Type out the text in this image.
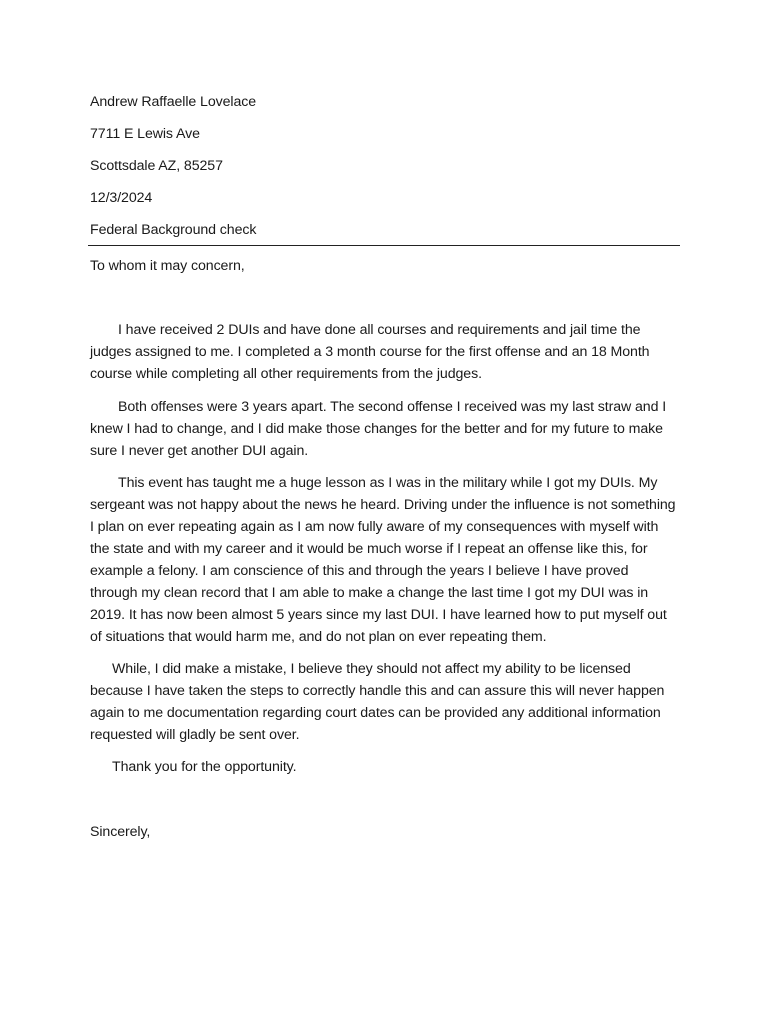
Andrew Raffaelle Lovelace
7711 E Lewis Ave
Scottsdale AZ, 85257
12/3/2024
Federal Background check
To whom it may concern,

I have received 2 DUIs and have done all courses and requirements and jail time the judges assigned to me. I completed a 3 month course for the first offense and an 18 Month course while completing all other requirements from the judges.

Both offenses were 3 years apart. The second offense I received was my last straw and I knew I had to change, and I did make those changes for the better and for my future to make sure I never get another DUI again.

This event has taught me a huge lesson as I was in the military while I got my DUIs. My sergeant was not happy about the news he heard. Driving under the influence is not something I plan on ever repeating again as I am now fully aware of my consequences with myself with the state and with my career and it would be much worse if I repeat an offense like this, for example a felony. I am conscience of this and through the years I believe I have proved through my clean record that I am able to make a change the last time I got my DUI was in 2019. It has now been almost 5 years since my last DUI. I have learned how to put myself out of situations that would harm me, and do not plan on ever repeating them.

While, I did make a mistake, I believe they should not affect my ability to be licensed because I have taken the steps to correctly handle this and can assure this will never happen again to me documentation regarding court dates can be provided any additional information requested will gladly be sent over.

Thank you for the opportunity.

Sincerely,
